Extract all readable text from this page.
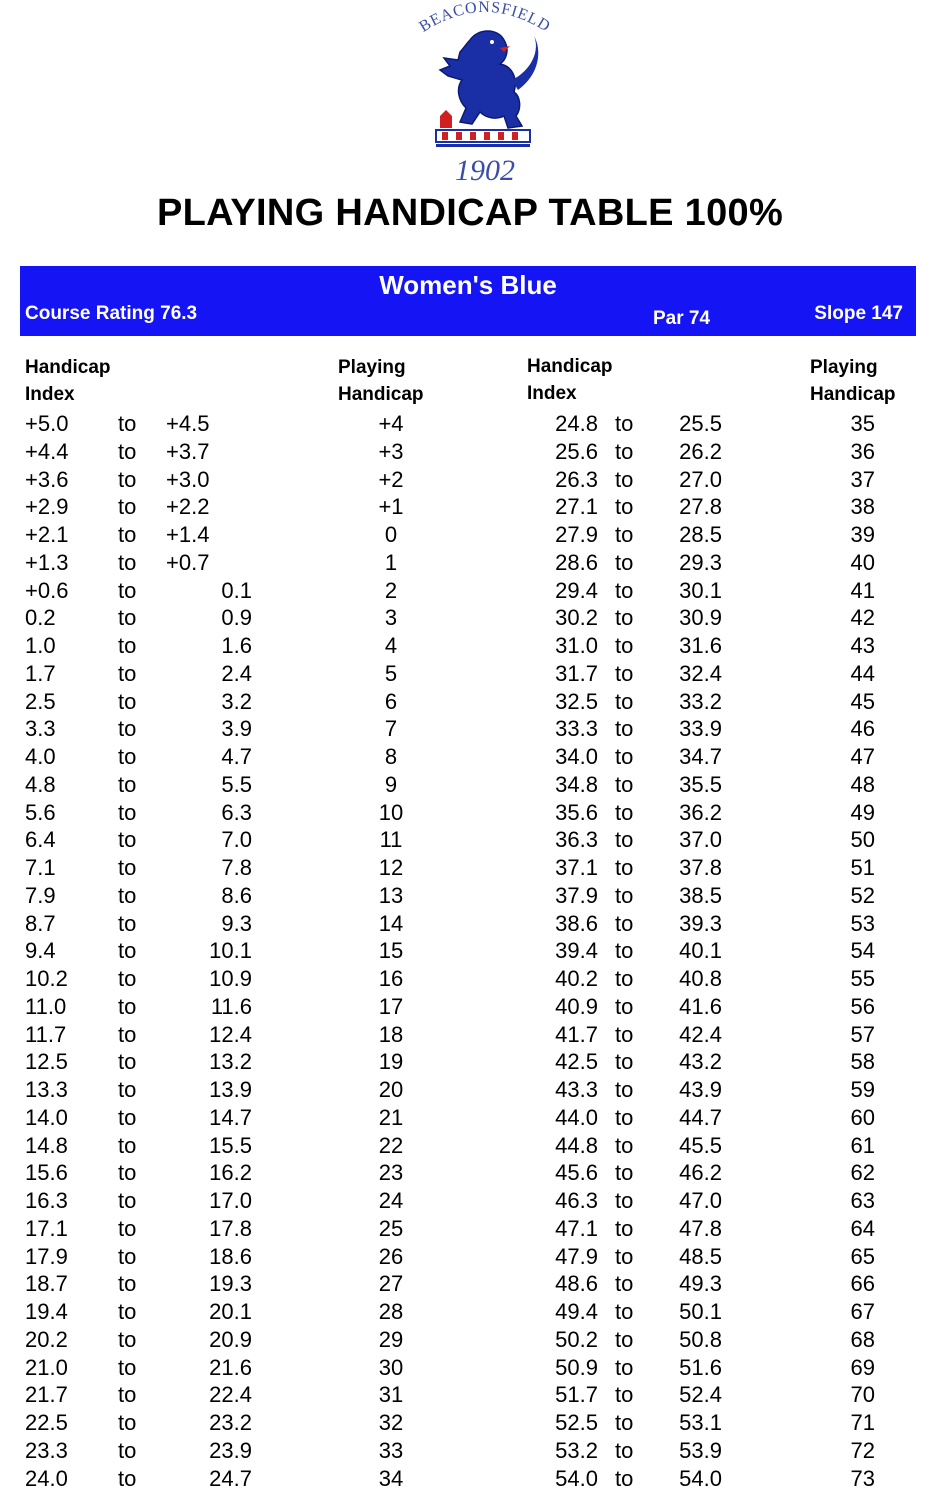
BEACONSFIELD
1902
PLAYING HANDICAP TABLE 100%
Women's Blue
Course Rating 76.3	Par 74	Slope 147
Handicap
Index
Playing
Handicap
Handicap
Index
Playing
Handicap
+5.0 to +4.5	+4	24.8 to	25.5	35
+4.4 to +3.7	+3	25.6 to	26.2	36
+3.6 to +3.0	+2	26.3 to	27.0	37
+2.9 to +2.2	+1	27.1 to	27.8	38
+2.1 to +1.4	0	27.9 to	28.5	39
+1.3 to +0.7	1	28.6 to	29.3	40
+0.6 to	0.1	2	29.4 to	30.1	41
0.2	to	0.9	3	30.2 to	30.9	42
1.0	to	1.6	4	31.0 to	31.6	43
1.7	to	2.4	5	31.7 to	32.4	44
2.5	to	3.2	6	32.5 to	33.2	45
3.3	to	3.9	7	33.3 to	33.9	46
4.0	to	4.7	8	34.0 to	34.7	47
4.8	to	5.5	9	34.8 to	35.5	48
5.6	to	6.3	10	35.6 to	36.2	49
6.4	to	7.0	11	36.3 to	37.0	50
7.1	to	7.8	12	37.1 to	37.8	51
7.9	to	8.6	13	37.9 to	38.5	52
8.7	to	9.3	14	38.6 to	39.3	53
9.4	to	10.1	15	39.4 to	40.1	54
10.2 to	10.9	16	40.2 to	40.8	55
11.0 to	11.6	17	40.9 to	41.6	56
11.7 to	12.4	18	41.7 to	42.4	57
12.5 to	13.2	19	42.5 to	43.2	58
13.3 to	13.9	20	43.3 to	43.9	59
14.0 to	14.7	21	44.0 to	44.7	60
14.8 to	15.5	22	44.8 to	45.5	61
15.6 to	16.2	23	45.6 to	46.2	62
16.3 to	17.0	24	46.3 to	47.0	63
17.1 to	17.8	25	47.1 to	47.8	64
17.9 to	18.6	26	47.9 to	48.5	65
18.7 to	19.3	27	48.6 to	49.3	66
19.4 to	20.1	28	49.4 to	50.1	67
20.2 to	20.9	29	50.2 to	50.8	68
21.0 to	21.6	30	50.9 to	51.6	69
21.7 to	22.4	31	51.7 to	52.4	70
22.5 to	23.2	32	52.5 to	53.1	71
23.3 to	23.9	33	53.2 to	53.9	72
24.0 to	24.7	34	54.0 to	54.0	73
